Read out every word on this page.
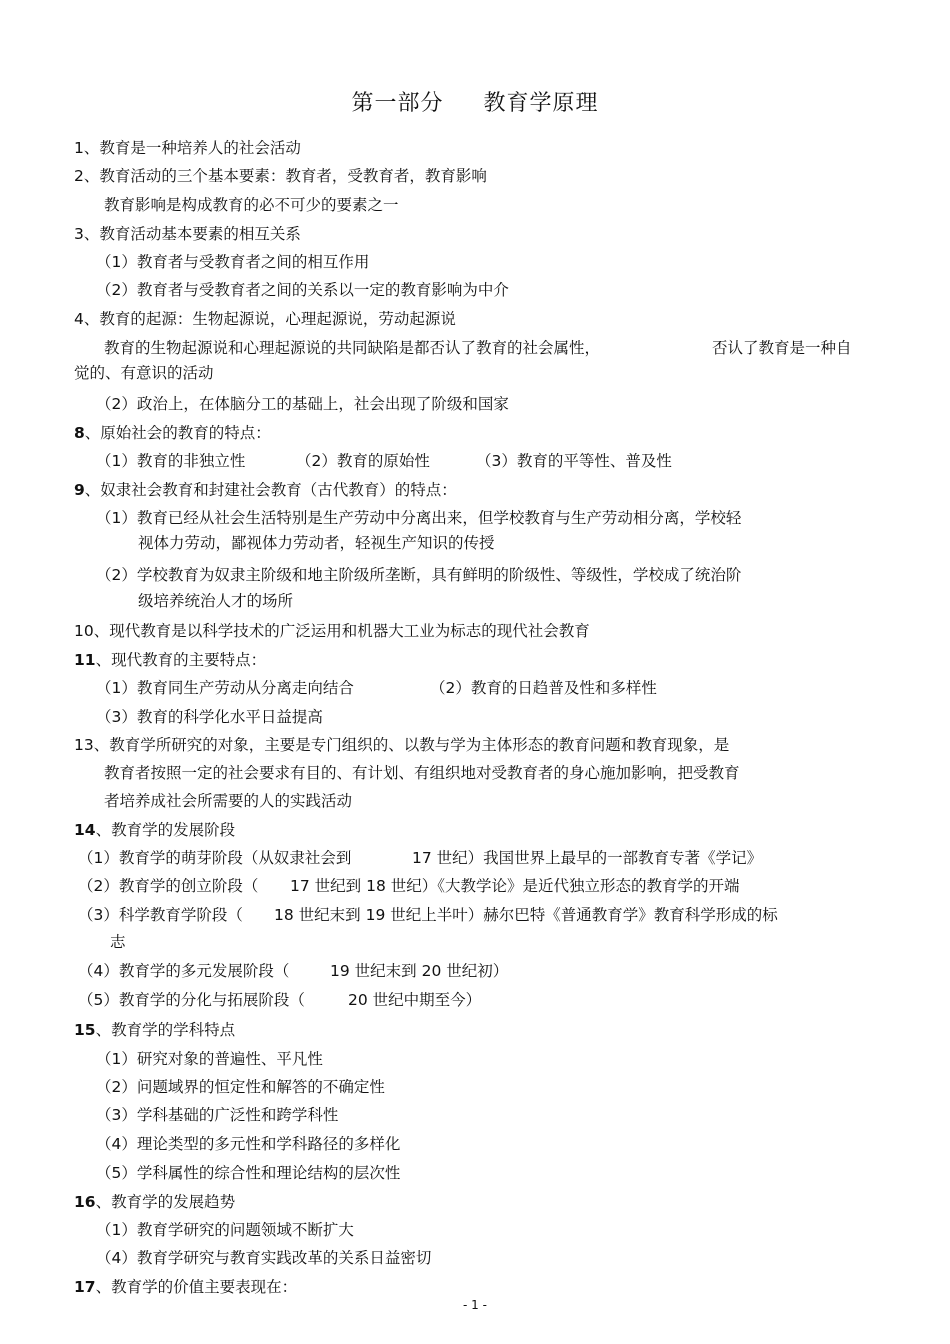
第一部分 教育学原理
1、教育是一种培养人的社会活动
2、教育活动的三个基本要素：教育者，受教育者，教育影响
教育影响是构成教育的必不可少的要素之一
3、教育活动基本要素的相互关系
（1）教育者与受教育者之间的相互作用
（2）教育者与受教育者之间的关系以一定的教育影响为中介
4、教育的起源：生物起源说，心理起源说，劳动起源说
教育的生物起源说和心理起源说的共同缺陷是都否认了教育的社会属性，	否认了教育是一种自
觉的、有意识的活动
（2）政治上，在体脑分工的基础上，社会出现了阶级和国家
8、原始社会的教育的特点：
（1）教育的非独立性	（2）教育的原始性	（3）教育的平等性、普及性
9、奴隶社会教育和封建社会教育（古代教育）的特点：
（1）教育已经从社会生活特别是生产劳动中分离出来，但学校教育与生产劳动相分离，学校轻
视体力劳动，鄙视体力劳动者，轻视生产知识的传授
（2）学校教育为奴隶主阶级和地主阶级所垄断，具有鲜明的阶级性、等级性，学校成了统治阶
级培养统治人才的场所
10、现代教育是以科学技术的广泛运用和机器大工业为标志的现代社会教育
11、现代教育的主要特点：
（1）教育同生产劳动从分离走向结合	（2）教育的日趋普及性和多样性
（3）教育的科学化水平日益提高
13、教育学所研究的对象，主要是专门组织的、以教与学为主体形态的教育问题和教育现象，是
教育者按照一定的社会要求有目的、有计划、有组织地对受教育者的身心施加影响，把受教育
者培养成社会所需要的人的实践活动
14、教育学的发展阶段
（1）教育学的萌芽阶段（从奴隶社会到	17 世纪）我国世界上最早的一部教育专著《学记》
（2）教育学的创立阶段（ 17 世纪到 18 世纪）《大教学论》是近代独立形态的教育学的开端
（3）科学教育学阶段（ 18 世纪末到 19 世纪上半叶）赫尔巴特《普通教育学》教育科学形成的标
志
（4）教育学的多元发展阶段（	19 世纪末到 20 世纪初）
（5）教育学的分化与拓展阶段（	20 世纪中期至今）
15、教育学的学科特点
（1）研究对象的普遍性、平凡性
（2）问题域界的恒定性和解答的不确定性
（3）学科基础的广泛性和跨学科性
（4）理论类型的多元性和学科路径的多样化
（5）学科属性的综合性和理论结构的层次性
16、教育学的发展趋势
（1）教育学研究的问题领域不断扩大
（4）教育学研究与教育实践改革的关系日益密切
17、教育学的价值主要表现在：
- 1 -
